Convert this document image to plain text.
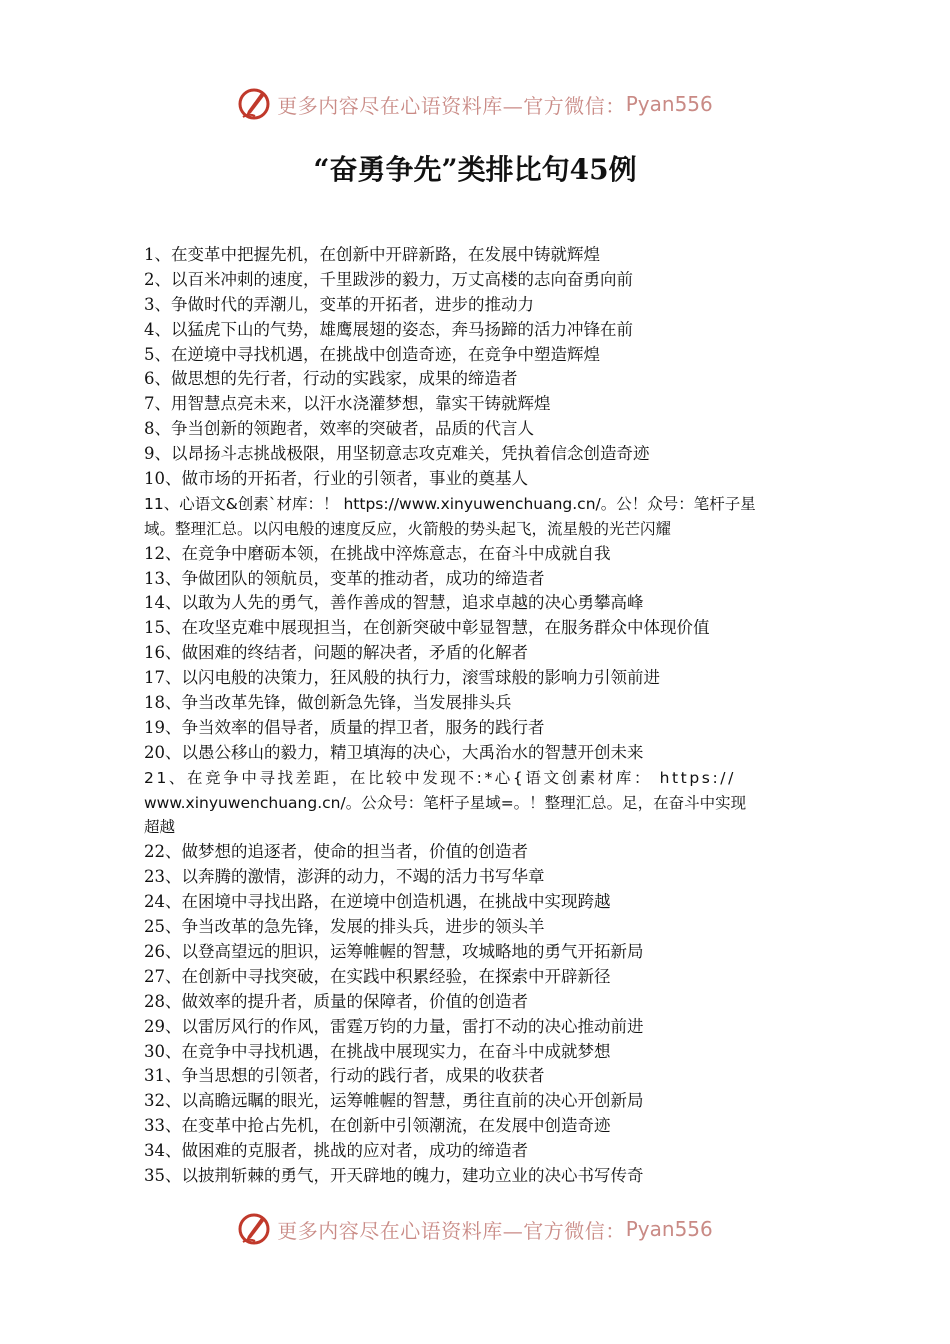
更多内容尽在心语资料库—官方微信： Pyan556
“奋勇争先”类排比句45例
1、在变革中把握先机，在创新中开辟新路，在发展中铸就辉煌
2、以百米冲刺的速度，千里跋涉的毅力，万丈高楼的志向奋勇向前
3、争做时代的弄潮儿，变革的开拓者，进步的推动力
4、以猛虎下山的气势，雄鹰展翅的姿态，奔马扬蹄的活力冲锋在前
5、在逆境中寻找机遇，在挑战中创造奇迹，在竞争中塑造辉煌
6、做思想的先行者，行动的实践家，成果的缔造者
7、用智慧点亮未来，以汗水浇灌梦想，靠实干铸就辉煌
8、争当创新的领跑者，效率的突破者，品质的代言人
9、以昂扬斗志挑战极限，用坚韧意志攻克难关，凭执着信念创造奇迹
10、做市场的开拓者，行业的引领者，事业的奠基人
11、心语文&创素`材库：！ https://www.xinyuwenchuang.cn/。公！众号：笔杆子星
域。整理汇总。以闪电般的速度反应，火箭般的势头起飞，流星般的光芒闪耀
12、在竞争中磨砺本领，在挑战中淬炼意志，在奋斗中成就自我
13、争做团队的领航员，变革的推动者，成功的缔造者
14、以敢为人先的勇气，善作善成的智慧，追求卓越的决心勇攀高峰
15、在攻坚克难中展现担当，在创新突破中彰显智慧，在服务群众中体现价值
16、做困难的终结者，问题的解决者，矛盾的化解者
17、以闪电般的决策力，狂风般的执行力，滚雪球般的影响力引领前进
18、争当改革先锋，做创新急先锋，当发展排头兵
19、争当效率的倡导者，质量的捍卫者，服务的践行者
20、以愚公移山的毅力，精卫填海的决心，大禹治水的智慧开创未来
21、在竞争中寻找差距，在比较中发现不:*心{语文创素材库： https://
www.xinyuwenchuang.cn/。公众号：笔杆子星域=。！整理汇总。足，在奋斗中实现
超越
22、做梦想的追逐者，使命的担当者，价值的创造者
23、以奔腾的激情，澎湃的动力，不竭的活力书写华章
24、在困境中寻找出路，在逆境中创造机遇，在挑战中实现跨越
25、争当改革的急先锋，发展的排头兵，进步的领头羊
26、以登高望远的胆识，运筹帷幄的智慧，攻城略地的勇气开拓新局
27、在创新中寻找突破，在实践中积累经验，在探索中开辟新径
28、做效率的提升者，质量的保障者，价值的创造者
29、以雷厉风行的作风，雷霆万钧的力量，雷打不动的决心推动前进
30、在竞争中寻找机遇，在挑战中展现实力，在奋斗中成就梦想
31、争当思想的引领者，行动的践行者，成果的收获者
32、以高瞻远瞩的眼光，运筹帷幄的智慧，勇往直前的决心开创新局
33、在变革中抢占先机，在创新中引领潮流，在发展中创造奇迹
34、做困难的克服者，挑战的应对者，成功的缔造者
35、以披荆斩棘的勇气，开天辟地的魄力，建功立业的决心书写传奇
更多内容尽在心语资料库—官方微信： Pyan556
